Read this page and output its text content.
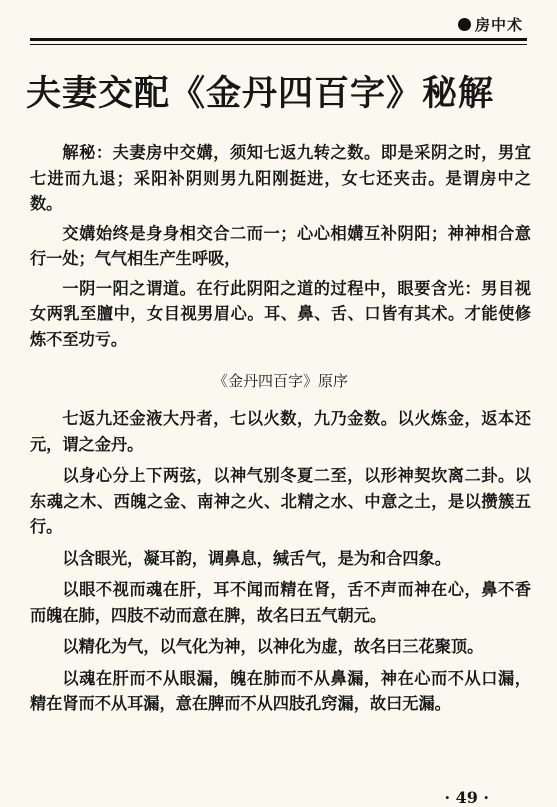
房中术
夫妻交配《金丹四百字》秘解

解秘：夫妻房中交媾，须知七返九转之数。即是采阴之时，男宜七进而九退；采阳补阴则男九阳刚挺进，女七还夹击。是谓房中之数。

交媾始终是身身相交合二而一；心心相媾互补阴阳；神神相合意行一处；气气相生产生呼吸，

一阴一阳之谓道。在行此阴阳之道的过程中，眼要含光：男目视女两乳至膻中，女目视男眉心。耳、鼻、舌、口皆有其术。才能使修炼不至功亏。

《金丹四百字》原序

七返九还金液大丹者，七以火数，九乃金数。以火炼金，返本还元，谓之金丹。

以身心分上下两弦，以神气别冬夏二至，以形神契坎离二卦。以东魂之木、西魄之金、南神之火、北精之水、中意之土，是以攒簇五行。

以含眼光，凝耳韵，调鼻息，缄舌气，是为和合四象。

以眼不视而魂在肝，耳不闻而精在肾，舌不声而神在心，鼻不香而魄在肺，四肢不动而意在脾，故名曰五气朝元。

以精化为气，以气化为神，以神化为虚，故名曰三花聚顶。

以魂在肝而不从眼漏，魄在肺而不从鼻漏，神在心而不从口漏，精在肾而不从耳漏，意在脾而不从四肢孔窍漏，故曰无漏。

· 49 ·
